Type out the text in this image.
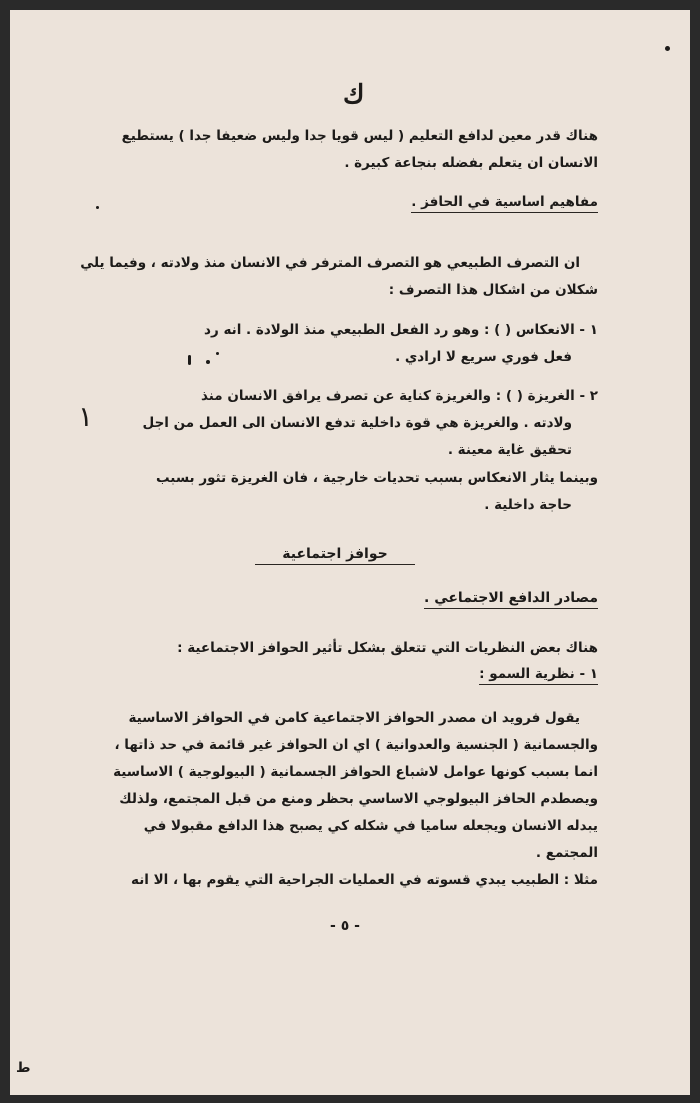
ك
هناك قدر معين لدافع التعليم ( ليس قويا جدا وليس ضعيفا جدا ) يستطيع
الانسان ان يتعلم بفضله بنجاعة كبيرة .
مفاهيم اساسية في الحافز .
ان التصرف الطبيعي هو التصرف المترفر في الانسان منذ ولادته ، وفيما يلي
شكلان من اشكال هذا التصرف :
١ - الانعكاس ( ) : وهو رد الفعل الطبيعي منذ الولادة . انه رد
فعل فوري سريع لا ارادي .
٢ - الغريزة ( ) : والغريزة كناية عن تصرف يرافق الانسان منذ
ولادته . والغريزة هي قوة داخلية تدفع الانسان الى العمل من اجل
تحقيق غاية معينة .
وبينما يثار الانعكاس بسبب تحديات خارجية ، فان الغريزة تثور بسبب
حاجة داخلية .
حوافز اجتماعية
مصادر الدافع الاجتماعي .
هناك بعض النظريات التي تتعلق بشكل تأثير الحوافز الاجتماعية :
١ - نظرية السمو :
يقول فرويد ان مصدر الحوافز الاجتماعية كامن في الحوافز الاساسية
والجسمانية ( الجنسية والعدوانية ) اي ان الحوافز غير قائمة في حد ذاتها ،
انما بسبب كونها عوامل لاشباع الحوافز الجسمانية ( البيولوجية ) الاساسية
ويصطدم الحافز البيولوجي الاساسي بحظر ومنع من قبل المجتمع، ولذلك
يبدله الانسان ويجعله ساميا في شكله كي يصبح هذا الدافع مقبولا في
المجتمع .
مثلا : الطبيب يبدي قسوته في العمليات الجراحية التي يقوم بها ، الا انه
- ٥ -
١
ط
